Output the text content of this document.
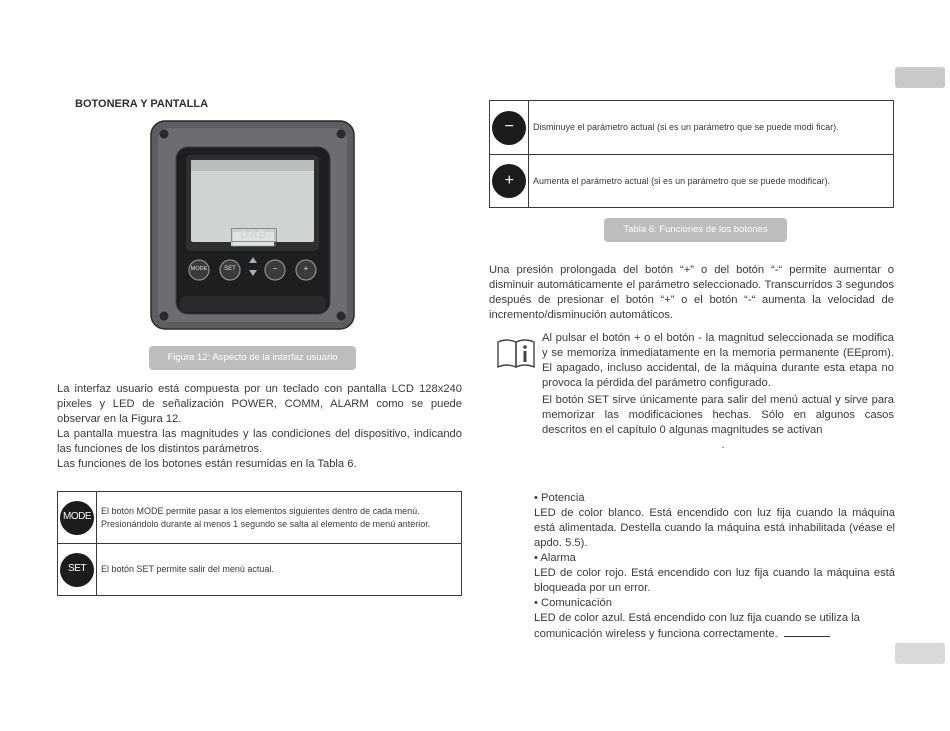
BOTONERA Y PANTALLA
DAB
MODE	SET	−	+
Figura 12: Aspecto de la interfaz usuario

La interfaz usuario está compuesta por un teclado con pantalla LCD 128x240 pixeles y LED de señalización POWER, COMM, ALARM como se puede observar en la Figura 12.

La pantalla muestra las magnitudes y las condiciones del dispositivo, indicando las funciones de los distintos parámetros.

Las funciones de los botones están resumidas en la Tabla 6.

MODE	El botón MODE permite pasar a los elementos siguientes dentro de cada menú. Presionándolo durante al menos 1 segundo se salta al elemento de menú anterior.
SET	El botón SET permite salir del menú actual.
−	Disminuye el parámetro actual (si es un parámetro que se puede modi ficar).
+	Aumenta el parámetro actual (si es un parámetro que se puede modificar).
Tabla 6: Funciones de los botones
Una presión prolongada del botón “+” o del botón “-“ permite aumentar o disminuir automáticamente el parámetro seleccionado. Transcurridos 3 segundos después de presionar el botón “+” o el botón “-“ aumenta la velocidad de incremento/disminución automáticos.

Al pulsar el botón + o el botón - la magnitud seleccionada se modifica y se memoriza inmediatamente en la memoria permanente (EEprom). El apagado, incluso accidental, de la máquina durante esta etapa no provoca la pérdida del parámetro configurado.

El botón SET sirve únicamente para salir del menú actual y sirve para memorizar las modificaciones hechas. Sólo en algunos casos descritos en el capítulo 0 algunas magnitudes se activan

.

• Potencia

LED de color blanco. Está encendido con luz fija cuando la máquina está alimentada. Destella cuando la máquina está inhabilitada (véase el apdo. 5.5).

• Alarma

LED de color rojo. Está encendido con luz fija cuando la máquina está bloqueada por un error.

• Comunicación

LED de color azul. Está encendido con luz fija cuando se utiliza la comunicación wireless y funciona correctamente.
